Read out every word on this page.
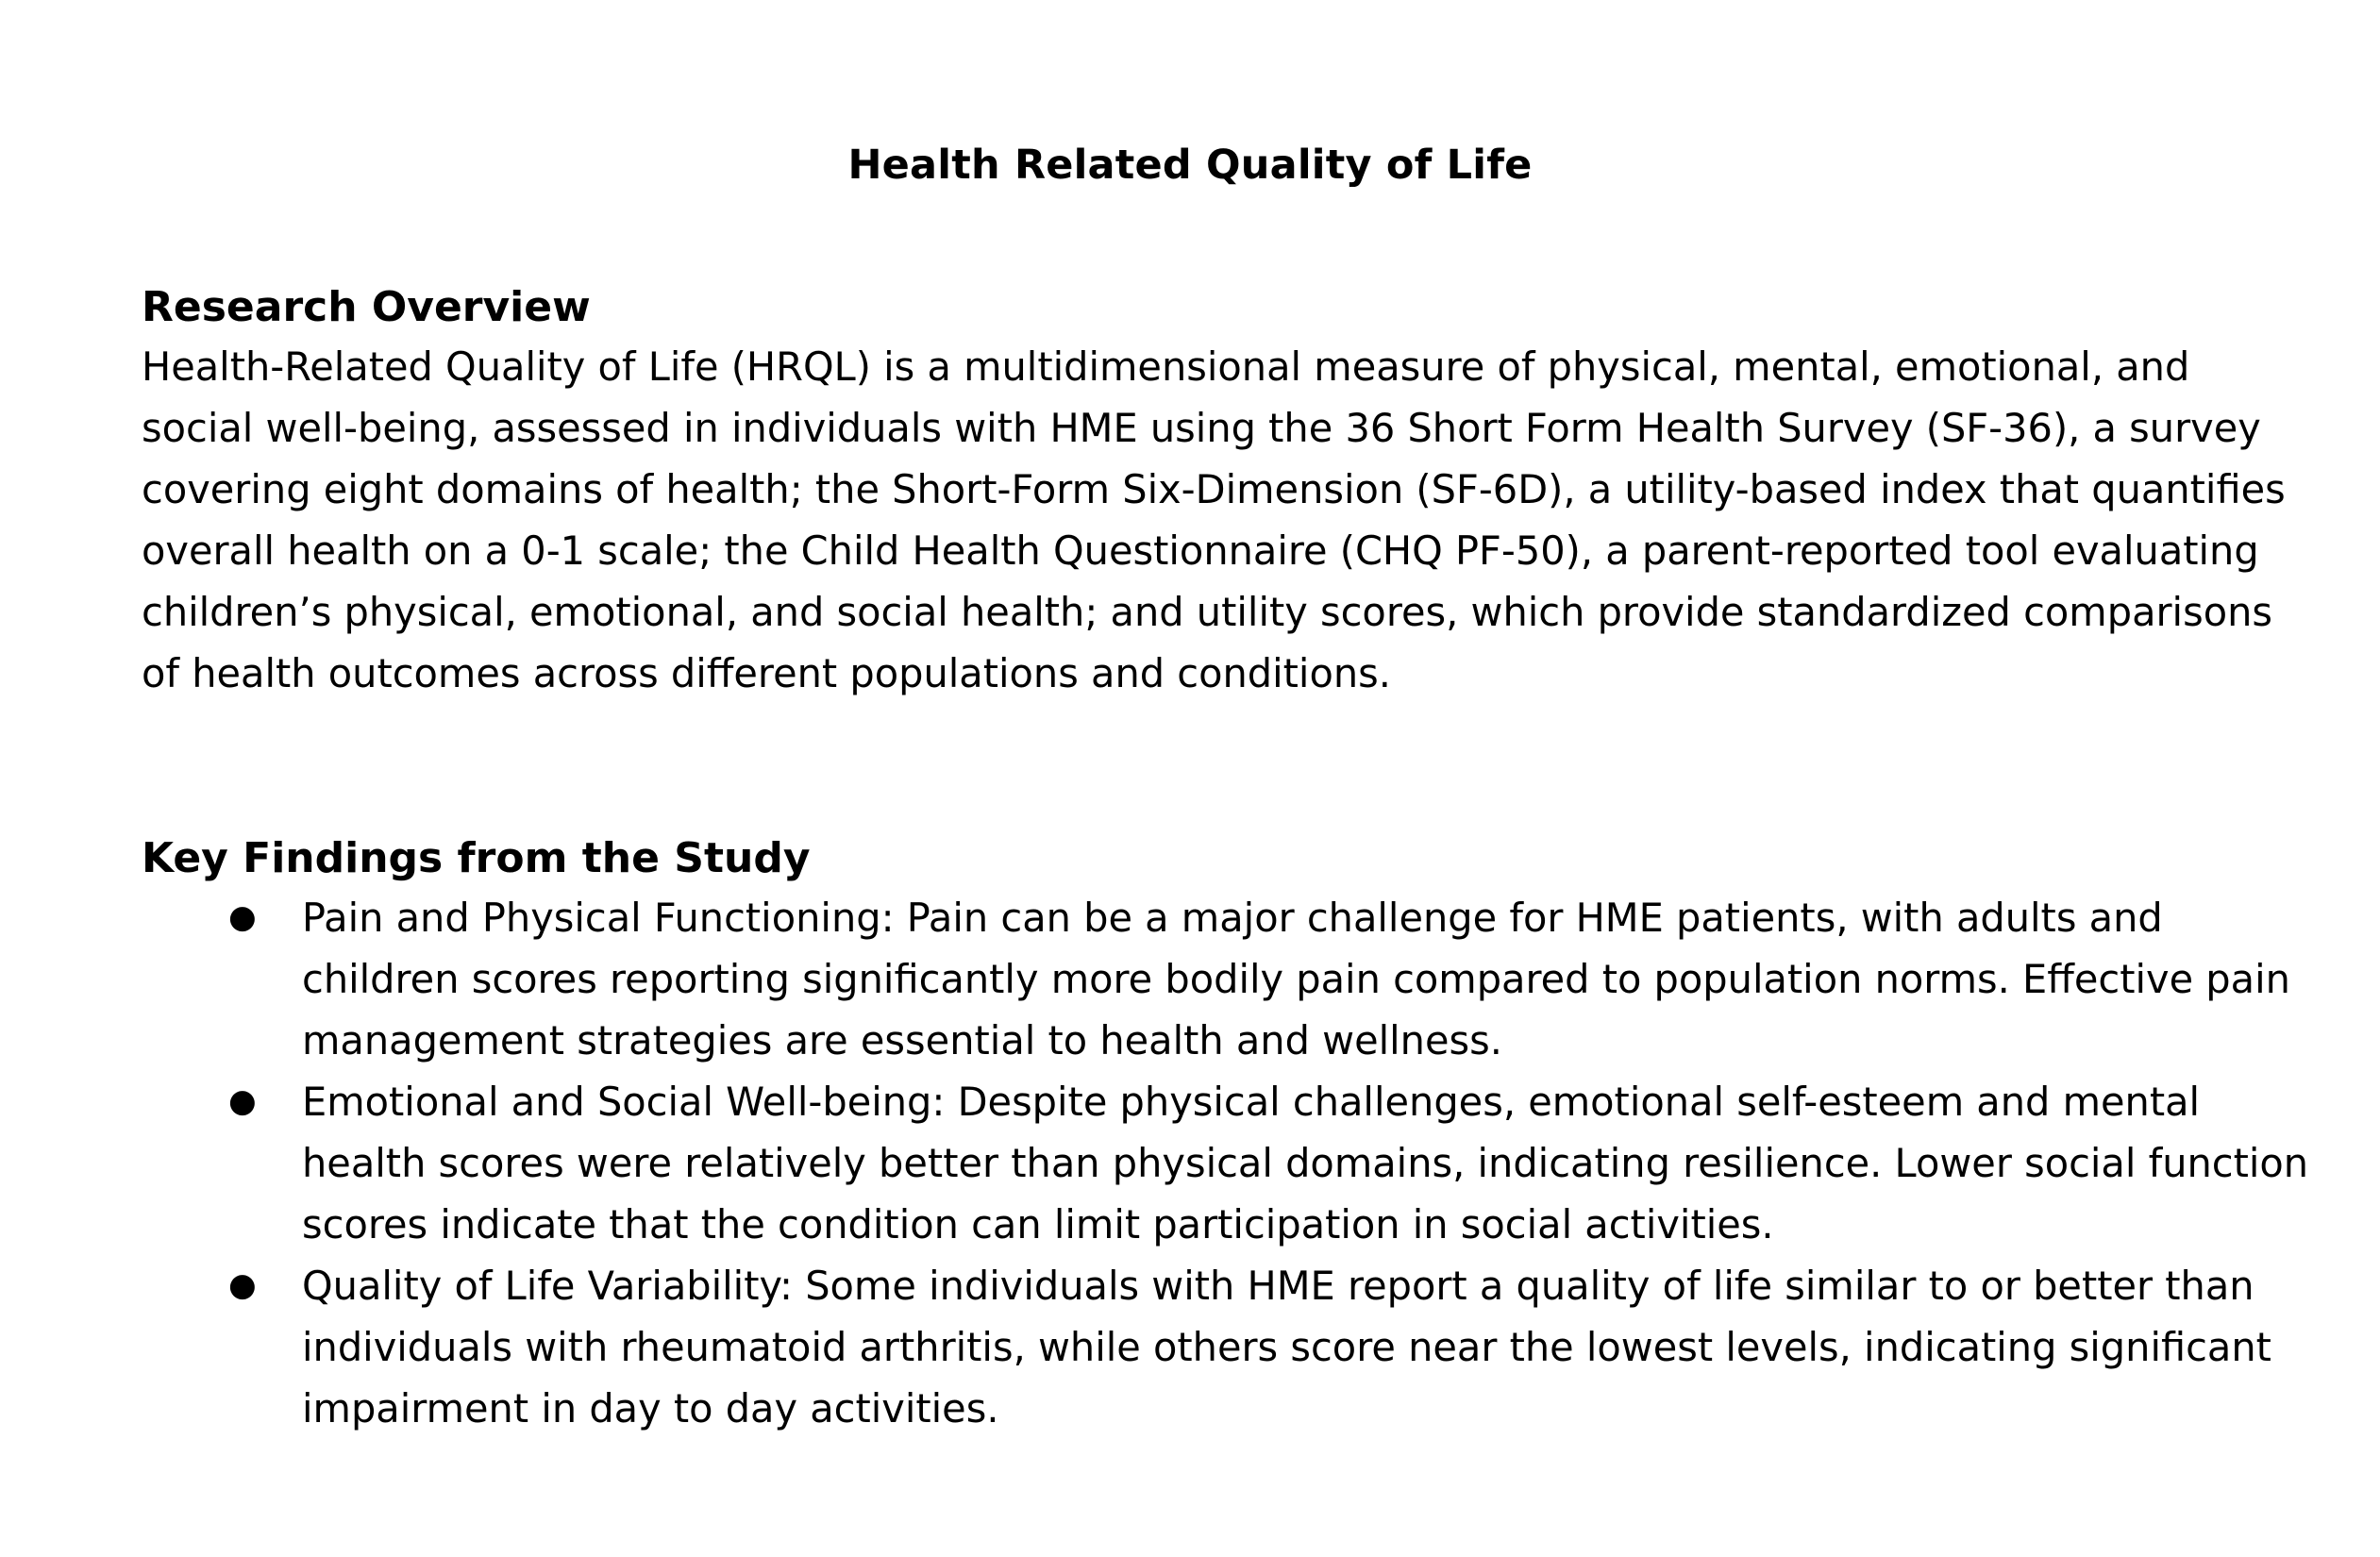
Health Related Quality of Life
Research Overview

Health-Related Quality of Life (HRQL) is a multidimensional measure of physical, mental, emotional, and social well-being, assessed in individuals with HME using the 36 Short Form Health Survey (SF-36), a survey covering eight domains of health; the Short-Form Six-Dimension (SF-6D), a utility-based index that quantifies overall health on a 0-1 scale; the Child Health Questionnaire (CHQ PF-50), a parent-reported tool evaluating children’s physical, emotional, and social health; and utility scores, which provide standardized comparisons of health outcomes across different populations and conditions.

Key Findings from the Study
● Pain and Physical Functioning: Pain can be a major challenge for HME patients, with adults and children scores reporting significantly more bodily pain compared to population norms. Effective pain management strategies are essential to health and wellness.
● Emotional and Social Well-being: Despite physical challenges, emotional self-esteem and mental health scores were relatively better than physical domains, indicating resilience. Lower social function scores indicate that the condition can limit participation in social activities.
● Quality of Life Variability: Some individuals with HME report a quality of life similar to or better than individuals with rheumatoid arthritis, while others score near the lowest levels, indicating significant impairment in day to day activities.
